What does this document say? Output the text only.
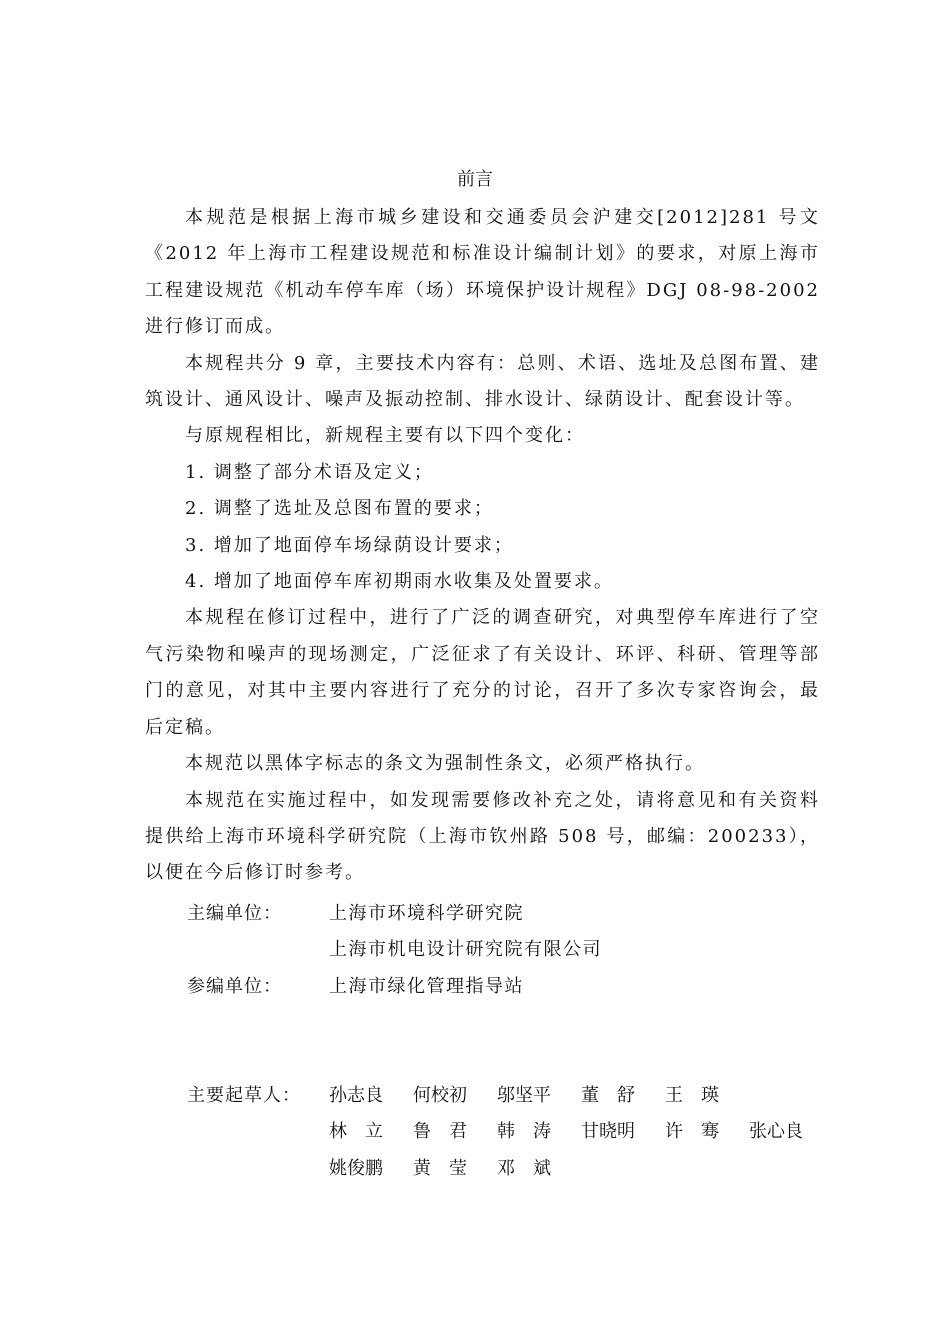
前言

本规范是根据上海市城乡建设和交通委员会沪建交[2012]281 号文《2012 年上海市工程建设规范和标准设计编制计划》的要求，对原上海市工程建设规范《机动车停车库（场）环境保护设计规程》DGJ 08-98-2002 进行修订而成。

本规程共分 9 章，主要技术内容有：总则、术语、选址及总图布置、建筑设计、通风设计、噪声及振动控制、排水设计、绿荫设计、配套设计等。

与原规程相比，新规程主要有以下四个变化：

1. 调整了部分术语及定义；

2. 调整了选址及总图布置的要求；

3. 增加了地面停车场绿荫设计要求；

4. 增加了地面停车库初期雨水收集及处置要求。

本规程在修订过程中，进行了广泛的调查研究，对典型停车库进行了空气污染物和噪声的现场测定，广泛征求了有关设计、环评、科研、管理等部门的意见，对其中主要内容进行了充分的讨论，召开了多次专家咨询会，最后定稿。

本规范以黑体字标志的条文为强制性条文，必须严格执行。

本规范在实施过程中，如发现需要修改补充之处，请将意见和有关资料提供给上海市环境科学研究院（上海市钦州路 508 号，邮编：200233），以便在今后修订时参考。

主编单位：	上海市环境科学研究院
上海市机电设计研究院有限公司
参编单位：	上海市绿化管理指导站
主要起草人：	孙志良	何校初	邬坚平	董　舒	王　瑛
林　立	鲁　君	韩　涛	甘晓明	许　骞	张心良
姚俊鹏	黄　莹	邓　斌
